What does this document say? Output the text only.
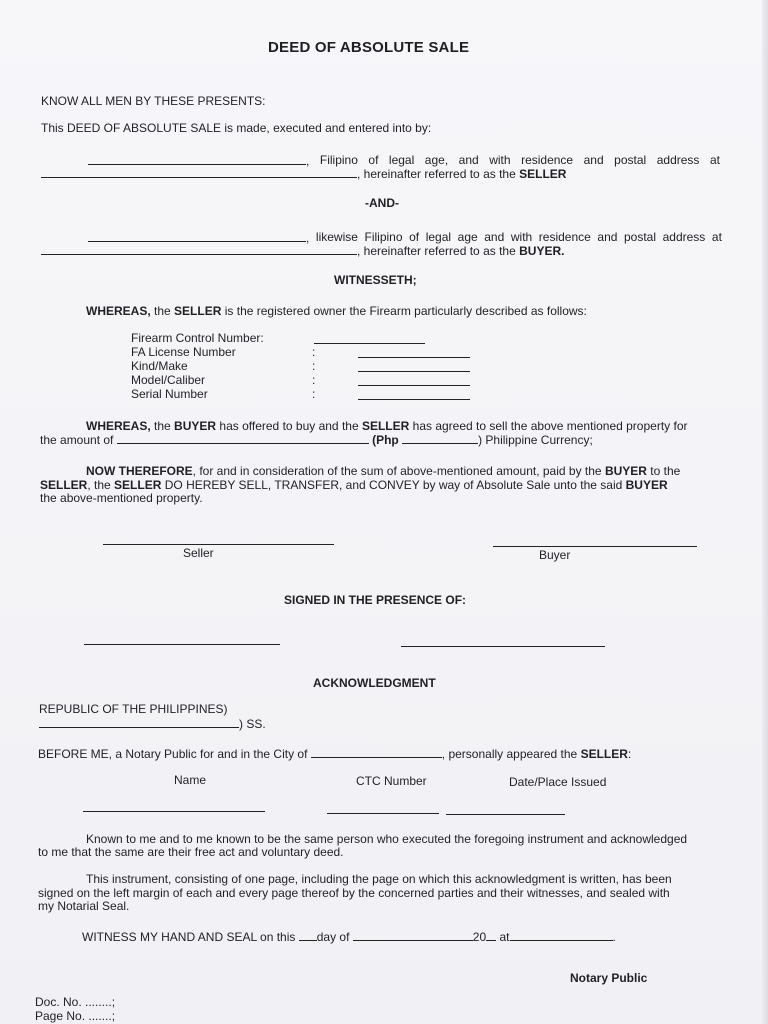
DEED OF ABSOLUTE SALE
KNOW ALL MEN BY THESE PRESENTS:
This DEED OF ABSOLUTE SALE is made, executed and entered into by:
, Filipino of legal age, and with residence and postal address at
, hereinafter referred to as the SELLER
-AND-
, likewise Filipino of legal age and with residence and postal address at
, hereinafter referred to as the BUYER.
WITNESSETH;
WHEREAS, the SELLER is the registered owner the Firearm particularly described as follows:
Firearm Control Number:
FA License Number	:
Kind/Make	:
Model/Caliber	:
Serial Number	:
WHEREAS, the BUYER has offered to buy and the SELLER has agreed to sell the above mentioned property for
the amount of	(Php	) Philippine Currency;
NOW THEREFORE, for and in consideration of the sum of above-mentioned amount, paid by the BUYER to the
SELLER, the SELLER DO HEREBY SELL, TRANSFER, and CONVEY by way of Absolute Sale unto the said BUYER
the above-mentioned property.
Seller	Buyer
SIGNED IN THE PRESENCE OF:
ACKNOWLEDGMENT
REPUBLIC OF THE PHILIPPINES)
) SS.
BEFORE ME, a Notary Public for and in the City of	, personally appeared the SELLER:
Name	CTC Number	Date/Place Issued
Known to me and to me known to be the same person who executed the foregoing instrument and acknowledged
to me that the same are their free act and voluntary deed.
This instrument, consisting of one page, including the page on which this acknowledgment is written, has been
signed on the left margin of each and every page thereof by the concerned parties and their witnesses, and sealed with
my Notarial Seal.
WITNESS MY HAND AND SEAL on this day of	20 at	.
Notary Public
Doc. No. ........;
Page No. .......;
